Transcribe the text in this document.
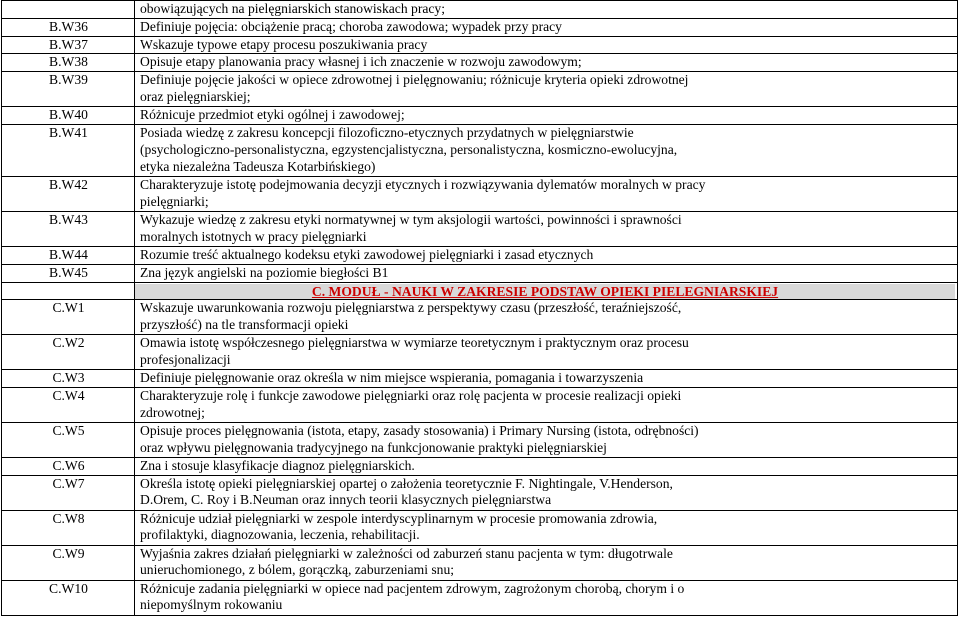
	obowiązujących na pielęgniarskich stanowiskach pracy;

B.W36	Definiuje pojęcia: obciążenie pracą; choroba zawodowa; wypadek przy pracy

B.W37	Wskazuje typowe etapy procesu poszukiwania pracy

B.W38	Opisuje etapy planowania pracy własnej i ich znaczenie w rozwoju zawodowym;

B.W39	Definiuje pojęcie jakości w opiece zdrowotnej i pielęgnowaniu; różnicuje kryteria opieki zdrowotnej
oraz pielęgniarskiej;

B.W40	Różnicuje przedmiot etyki ogólnej i zawodowej;

B.W41	Posiada wiedzę z zakresu koncepcji filozoficzno-etycznych przydatnych w pielęgniarstwie
(psychologiczno-personalistyczna, egzystencjalistyczna, personalistyczna, kosmiczno-ewolucyjna,
etyka niezależna Tadeusza Kotarbińskiego)

B.W42	Charakteryzuje istotę podejmowania decyzji etycznych i rozwiązywania dylematów moralnych w pracy
pielęgniarki;

B.W43	Wykazuje wiedzę z zakresu etyki normatywnej w tym aksjologii wartości, powinności i sprawności
moralnych istotnych w pracy pielęgniarki

B.W44	Rozumie treść aktualnego kodeksu etyki zawodowej pielęgniarki i zasad etycznych

B.W45	Zna język angielski na poziomie biegłości B1

	C. MODUŁ - NAUKI W ZAKRESIE PODSTAW OPIEKI PIELEGNIARSKIEJ

C.W1	Wskazuje uwarunkowania rozwoju pielęgniarstwa z perspektywy czasu (przeszłość, teraźniejszość,
przyszłość) na tle transformacji opieki

C.W2	Omawia istotę współczesnego pielęgniarstwa w wymiarze teoretycznym i praktycznym oraz procesu
profesjonalizacji

C.W3	Definiuje pielęgnowanie oraz określa w nim miejsce wspierania, pomagania i towarzyszenia

C.W4	Charakteryzuje rolę i funkcje zawodowe pielęgniarki oraz rolę pacjenta w procesie realizacji opieki
zdrowotnej;

C.W5	Opisuje proces pielęgnowania (istota, etapy, zasady stosowania) i Primary Nursing (istota, odrębności)
oraz wpływu pielęgnowania tradycyjnego na funkcjonowanie praktyki pielęgniarskiej

C.W6	Zna i stosuje klasyfikacje diagnoz pielęgniarskich.

C.W7	Określa istotę opieki pielęgniarskiej opartej o założenia teoretycznie F. Nightingale, V.Henderson,
D.Orem, C. Roy i B.Neuman oraz innych teorii klasycznych pielęgniarstwa

C.W8	Różnicuje udział pielęgniarki w zespole interdyscyplinarnym w procesie promowania zdrowia,
profilaktyki, diagnozowania, leczenia, rehabilitacji.

C.W9	Wyjaśnia zakres działań pielęgniarki w zależności od zaburzeń stanu pacjenta w tym: długotrwale
unieruchomionego, z bólem, gorączką, zaburzeniami snu;

C.W10	Różnicuje zadania pielęgniarki w opiece nad pacjentem zdrowym, zagrożonym chorobą, chorym i o
niepomyślnym rokowaniu
